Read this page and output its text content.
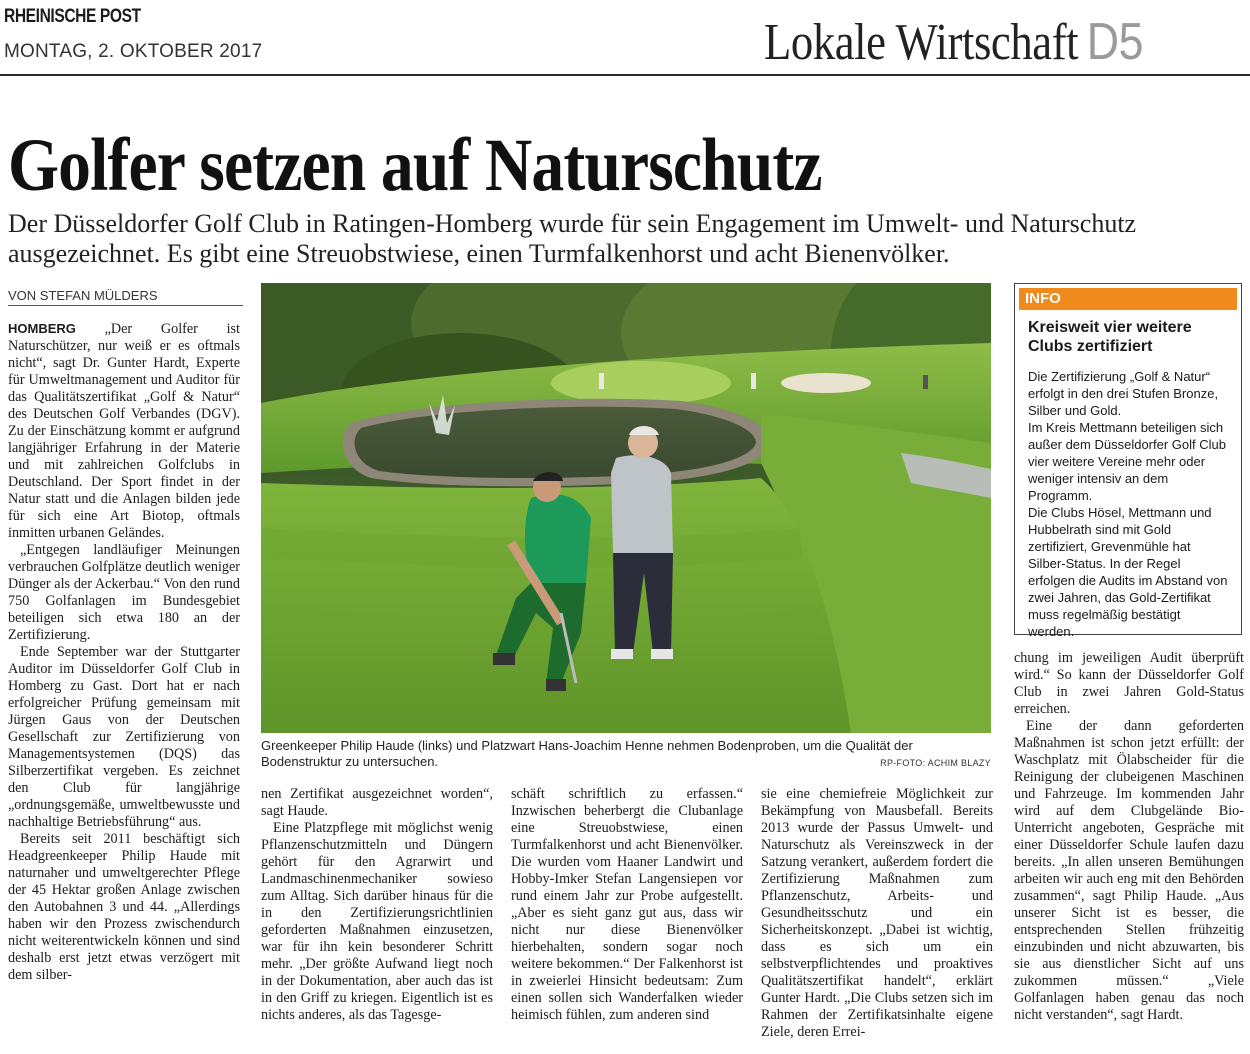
RHEINISCHE POST
MONTAG, 2. OKTOBER 2017	Lokale Wirtschaft D5
Golfer setzen auf Naturschutz
Der Düsseldorfer Golf Club in Ratingen-Homberg wurde für sein Engagement im Umwelt- und Naturschutz ausgezeichnet. Es gibt eine Streuobstwiese, einen Turmfalkenhorst und acht Bienenvölker.
VON STEFAN MÜLDERS

HOMBERG „Der Golfer ist Naturschützer, nur weiß er es oftmals nicht“, sagt Dr. Gunter Hardt, Experte für Umweltmanagement und Auditor für das Qualitätszertifikat „Golf & Natur“ des Deutschen Golf Verbandes (DGV). Zu der Einschätzung kommt er aufgrund langjähriger Erfahrung in der Materie und mit zahlreichen Golfclubs in Deutschland. Der Sport findet in der Natur statt und die Anlagen bilden jede für sich eine Art Biotop, oftmals inmitten urbanen Geländes.

„Entgegen landläufiger Meinungen verbrauchen Golfplätze deutlich weniger Dünger als der Ackerbau.“ Von den rund 750 Golfanlagen im Bundesgebiet beteiligen sich etwa 180 an der Zertifizierung.

Ende September war der Stuttgarter Auditor im Düsseldorfer Golf Club in Homberg zu Gast. Dort hat er nach erfolgreicher Prüfung gemeinsam mit Jürgen Gaus von der Deutschen Gesellschaft zur Zertifizierung von Managementsystemen (DQS) das Silberzertifikat vergeben. Es zeichnet den Club für langjährige „ordnungsgemäße, umweltbewusste und nachhaltige Betriebsführung“ aus.

Bereits seit 2011 beschäftigt sich Headgreenkeeper Philip Haude mit naturnaher und umweltgerechter Pflege der 45 Hektar großen Anlage zwischen den Autobahnen 3 und 44. „Allerdings haben wir den Prozess zwischendurch nicht weiterentwickeln können und sind deshalb erst jetzt etwas verzögert mit dem silber-

Greenkeeper Philip Haude (links) und Platzwart Hans-Joachim Henne nehmen Bodenproben, um die Qualität der Bodenstruktur zu untersuchen.	RP-FOTO: ACHIM BLAZY

nen Zertifikat ausgezeichnet worden“, sagt Haude.

Eine Platzpflege mit möglichst wenig Pflanzenschutzmitteln und Düngern gehört für den Agrarwirt und Landmaschinenmechaniker sowieso zum Alltag. Sich darüber hinaus für die in den Zertifizierungsrichtlinien geforderten Maßnahmen einzusetzen, war für ihn kein besonderer Schritt mehr. „Der größte Aufwand liegt noch in der Dokumentation, aber auch das ist in den Griff zu kriegen. Eigentlich ist es nichts anderes, als das Tagesge-

schäft schriftlich zu erfassen.“ Inzwischen beherbergt die Clubanlage eine Streuobstwiese, einen Turmfalkenhorst und acht Bienenvölker. Die wurden vom Haaner Landwirt und Hobby-Imker Stefan Langensiepen vor rund einem Jahr zur Probe aufgestellt. „Aber es sieht ganz gut aus, dass wir nicht nur diese Bienenvölker hierbehalten, sondern sogar noch weitere bekommen.“ Der Falkenhorst ist in zweierlei Hinsicht bedeutsam: Zum einen sollen sich Wanderfalken wieder heimisch fühlen, zum anderen sind

sie eine chemiefreie Möglichkeit zur Bekämpfung von Mausbefall. Bereits 2013 wurde der Passus Umwelt- und Naturschutz als Vereinszweck in der Satzung verankert, außerdem fordert die Zertifizierung Maßnahmen zum Pflanzenschutz, Arbeits- und Gesundheitsschutz und ein Sicherheitskonzept. „Dabei ist wichtig, dass es sich um ein selbstverpflichtendes und proaktives Qualitätszertifikat handelt“, erklärt Gunter Hardt. „Die Clubs setzen sich im Rahmen der Zertifikatsinhalte eigene Ziele, deren Errei-

INFO
Kreisweit vier weitere Clubs zertifiziert

Die Zertifizierung „Golf & Natur“ erfolgt in den drei Stufen Bronze, Silber und Gold.

Im Kreis Mettmann beteiligen sich außer dem Düsseldorfer Golf Club vier weitere Vereine mehr oder weniger intensiv an dem Programm.

Die Clubs Hösel, Mettmann und Hubbelrath sind mit Gold zertifiziert, Grevenmühle hat Silber-Status. In der Regel erfolgen die Audits im Abstand von zwei Jahren, das Gold-Zertifikat muss regelmäßig bestätigt werden.

chung im jeweiligen Audit überprüft wird.“ So kann der Düsseldorfer Golf Club in zwei Jahren Gold-Status erreichen.

Eine der dann geforderten Maßnahmen ist schon jetzt erfüllt: der Waschplatz mit Ölabscheider für die Reinigung der clubeigenen Maschinen und Fahrzeuge. Im kommenden Jahr wird auf dem Clubgelände Bio-Unterricht angeboten, Gespräche mit einer Düsseldorfer Schule laufen dazu bereits. „In allen unseren Bemühungen arbeiten wir auch eng mit den Behörden zusammen“, sagt Philip Haude. „Aus unserer Sicht ist es besser, die entsprechenden Stellen frühzeitig einzubinden und nicht abzuwarten, bis sie aus dienstlicher Sicht auf uns zukommen müssen.“ „Viele Golfanlagen haben genau das noch nicht verstanden“, sagt Hardt.
